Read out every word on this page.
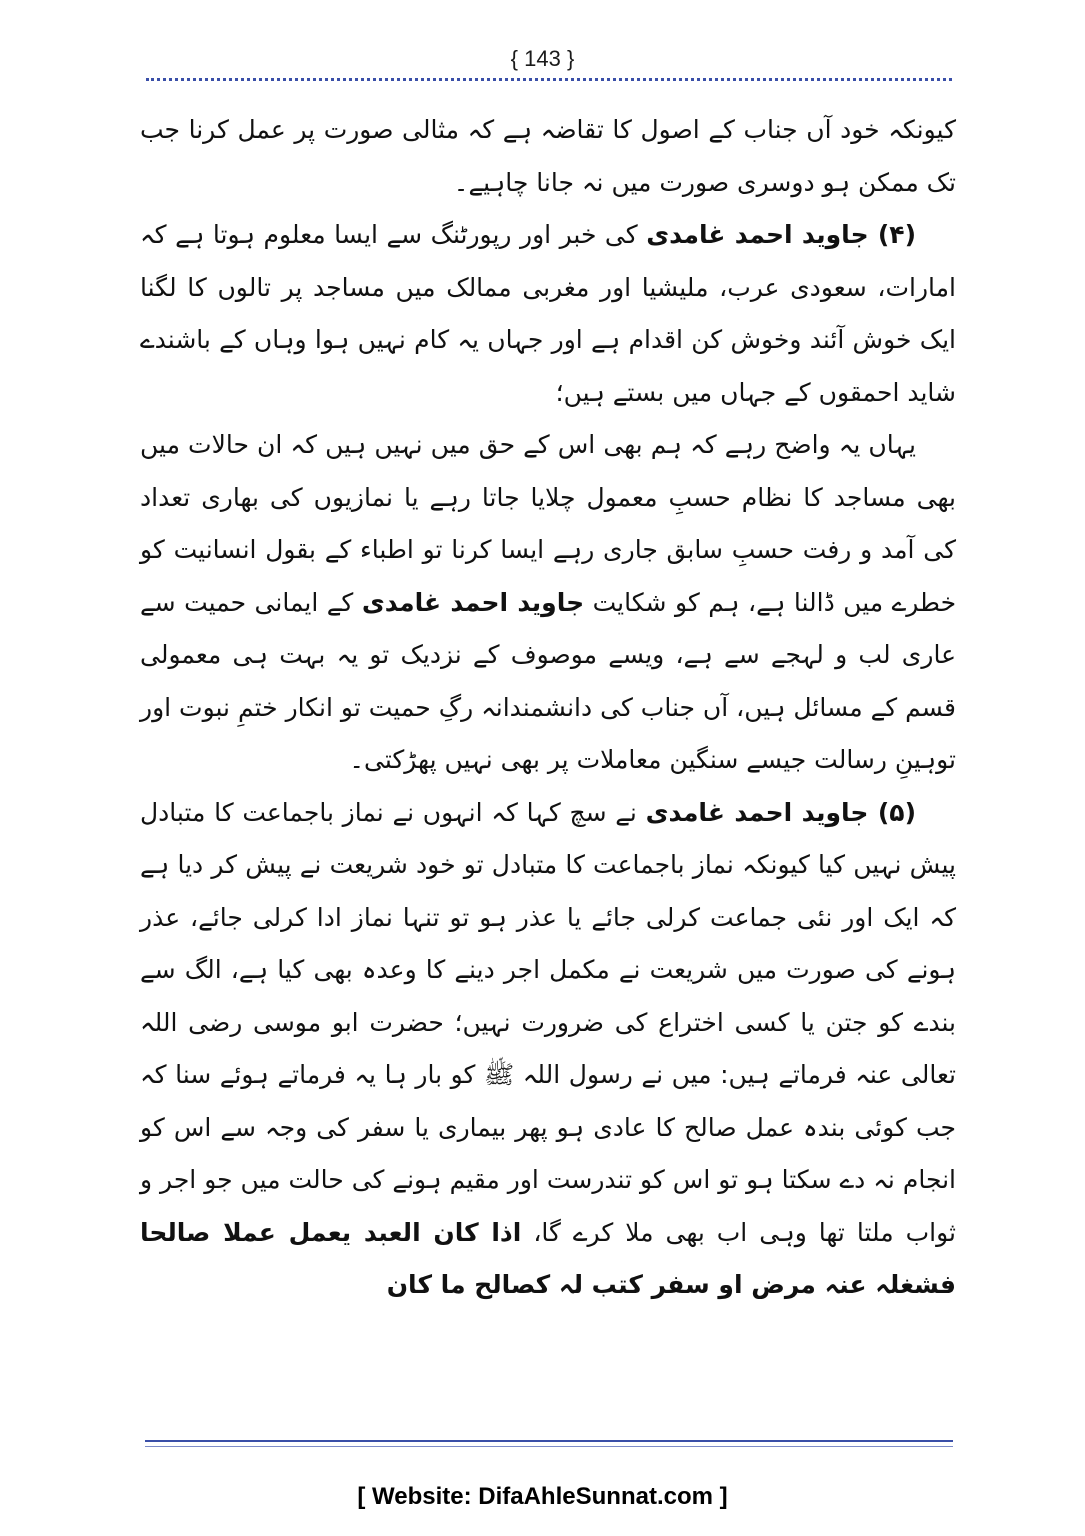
{ 143 }

کیونکہ خود آں جناب کے اصول کا تقاضہ ہے کہ مثالی صورت پر عمل کرنا جب تک ممکن ہو دوسری صورت میں نہ جانا چاہیے۔

(۴) جاوید احمد غامدی کی خبر اور رپورٹنگ سے ایسا معلوم ہوتا ہے کہ امارات، سعودی عرب، ملیشیا اور مغربی ممالک میں مساجد پر تالوں کا لگنا ایک خوش آئند وخوش کن اقدام ہے اور جہاں یہ کام نہیں ہوا وہاں کے باشندے شاید احمقوں کے جہاں میں بستے ہیں؛

یہاں یہ واضح رہے کہ ہم بھی اس کے حق میں نہیں ہیں کہ ان حالات میں بھی مساجد کا نظام حسبِ معمول چلایا جاتا رہے یا نمازیوں کی بھاری تعداد کی آمد و رفت حسبِ سابق جاری رہے ایسا کرنا تو اطباء کے بقول انسانیت کو خطرے میں ڈالنا ہے، ہم کو شکایت جاوید احمد غامدی کے ایمانی حمیت سے عاری لب و لہجے سے ہے، ویسے موصوف کے نزدیک تو یہ بہت ہی معمولی قسم کے مسائل ہیں، آں جناب کی دانشمندانہ رگِ حمیت تو انکار ختمِ نبوت اور توہینِ رسالت جیسے سنگین معاملات پر بھی نہیں پھڑکتی۔

(۵) جاوید احمد غامدی نے سچ کہا کہ انہوں نے نماز باجماعت کا متبادل پیش نہیں کیا کیونکہ نماز باجماعت کا متبادل تو خود شریعت نے پیش کر دیا ہے کہ ایک اور نئی جماعت کرلی جائے یا عذر ہو تو تنہا نماز ادا کرلی جائے، عذر ہونے کی صورت میں شریعت نے مکمل اجر دینے کا وعدہ بھی کیا ہے، الگ سے بندے کو جتن یا کسی اختراع کی ضرورت نہیں؛ حضرت ابو موسی رضی اللہ تعالی عنہ فرماتے ہیں: میں نے رسول اللہ ﷺ کو بار ہا یہ فرماتے ہوئے سنا کہ جب کوئی بندہ عمل صالح کا عادی ہو پھر بیماری یا سفر کی وجہ سے اس کو انجام نہ دے سکتا ہو تو اس کو تندرست اور مقیم ہونے کی حالت میں جو اجر و ثواب ملتا تھا وہی اب بھی ملا کرے گا، اذا کان العبد یعمل عملا صالحا فشغلہ عنہ مرض او سفر کتب لہ کصالح ما کان

[ Website: DifaAhleSunnat.com ]
